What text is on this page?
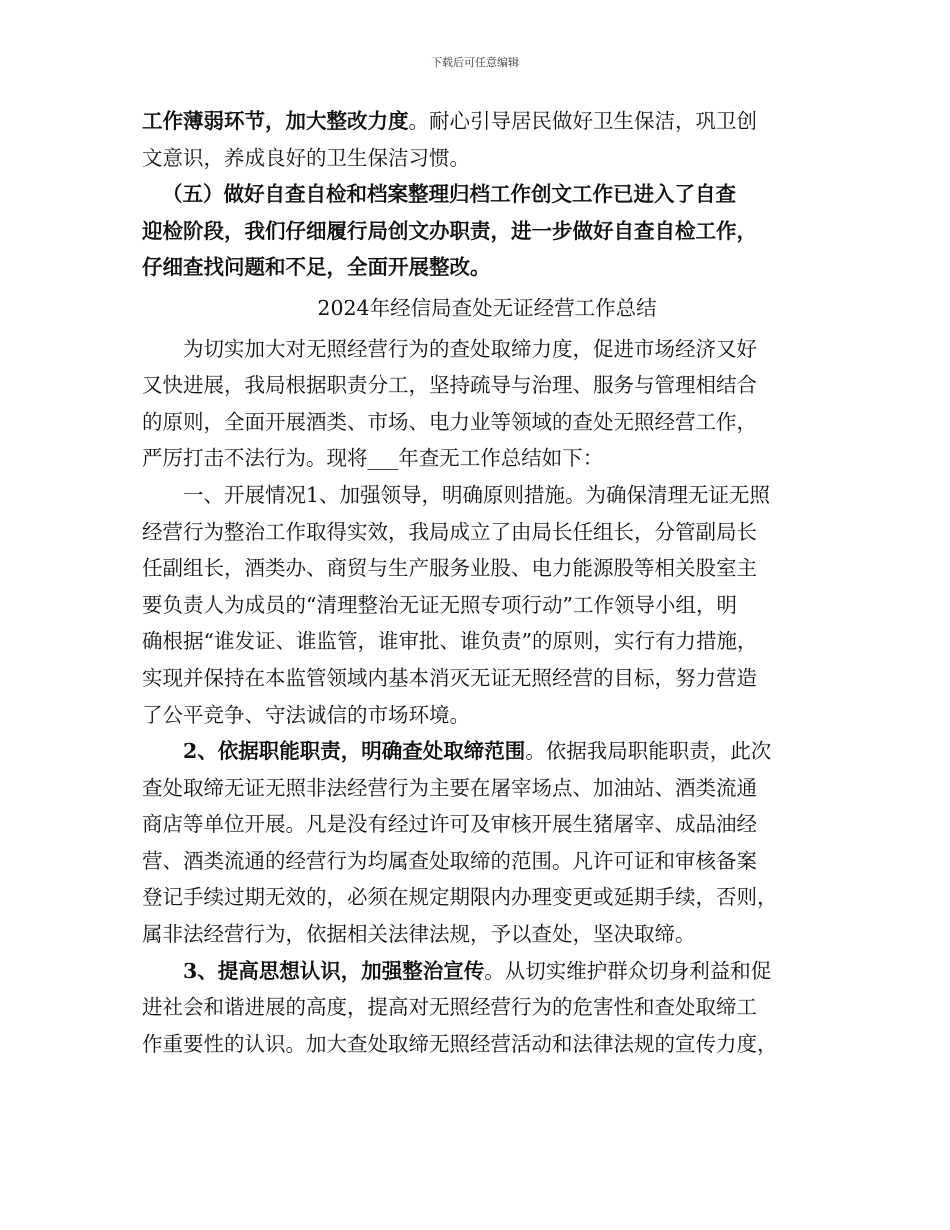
下载后可任意编辑
工作薄弱环节，加大整改力度。耐心引导居民做好卫生保洁，巩卫创
文意识，养成良好的卫生保洁习惯。
（五）做好自查自检和档案整理归档工作创文工作已进入了自查
迎检阶段，我们仔细履行局创文办职责，进一步做好自查自检工作，
仔细查找问题和不足，全面开展整改。
2024年经信局查处无证经营工作总结
为切实加大对无照经营行为的查处取缔力度，促进市场经济又好
又快进展，我局根据职责分工，坚持疏导与治理、服务与管理相结合
的原则，全面开展酒类、市场、电力业等领域的查处无照经营工作，
严厉打击不法行为。现将___年查无工作总结如下：
一、开展情况1、加强领导，明确原则措施。为确保清理无证无照
经营行为整治工作取得实效，我局成立了由局长任组长，分管副局长
任副组长，酒类办、商贸与生产服务业股、电力能源股等相关股室主
要负责人为成员的“清理整治无证无照专项行动”工作领导小组，明
确根据“谁发证、谁监管，谁审批、谁负责”的原则，实行有力措施，
实现并保持在本监管领域内基本消灭无证无照经营的目标，努力营造
了公平竞争、守法诚信的市场环境。
2、依据职能职责，明确查处取缔范围。依据我局职能职责，此次
查处取缔无证无照非法经营行为主要在屠宰场点、加油站、酒类流通
商店等单位开展。凡是没有经过许可及审核开展生猪屠宰、成品油经
营、酒类流通的经营行为均属查处取缔的范围。凡许可证和审核备案
登记手续过期无效的，必须在规定期限内办理变更或延期手续，否则，
属非法经营行为，依据相关法律法规，予以查处，坚决取缔。
3、提高思想认识，加强整治宣传。从切实维护群众切身利益和促
进社会和谐进展的高度，提高对无照经营行为的危害性和查处取缔工
作重要性的认识。加大查处取缔无照经营活动和法律法规的宣传力度，
